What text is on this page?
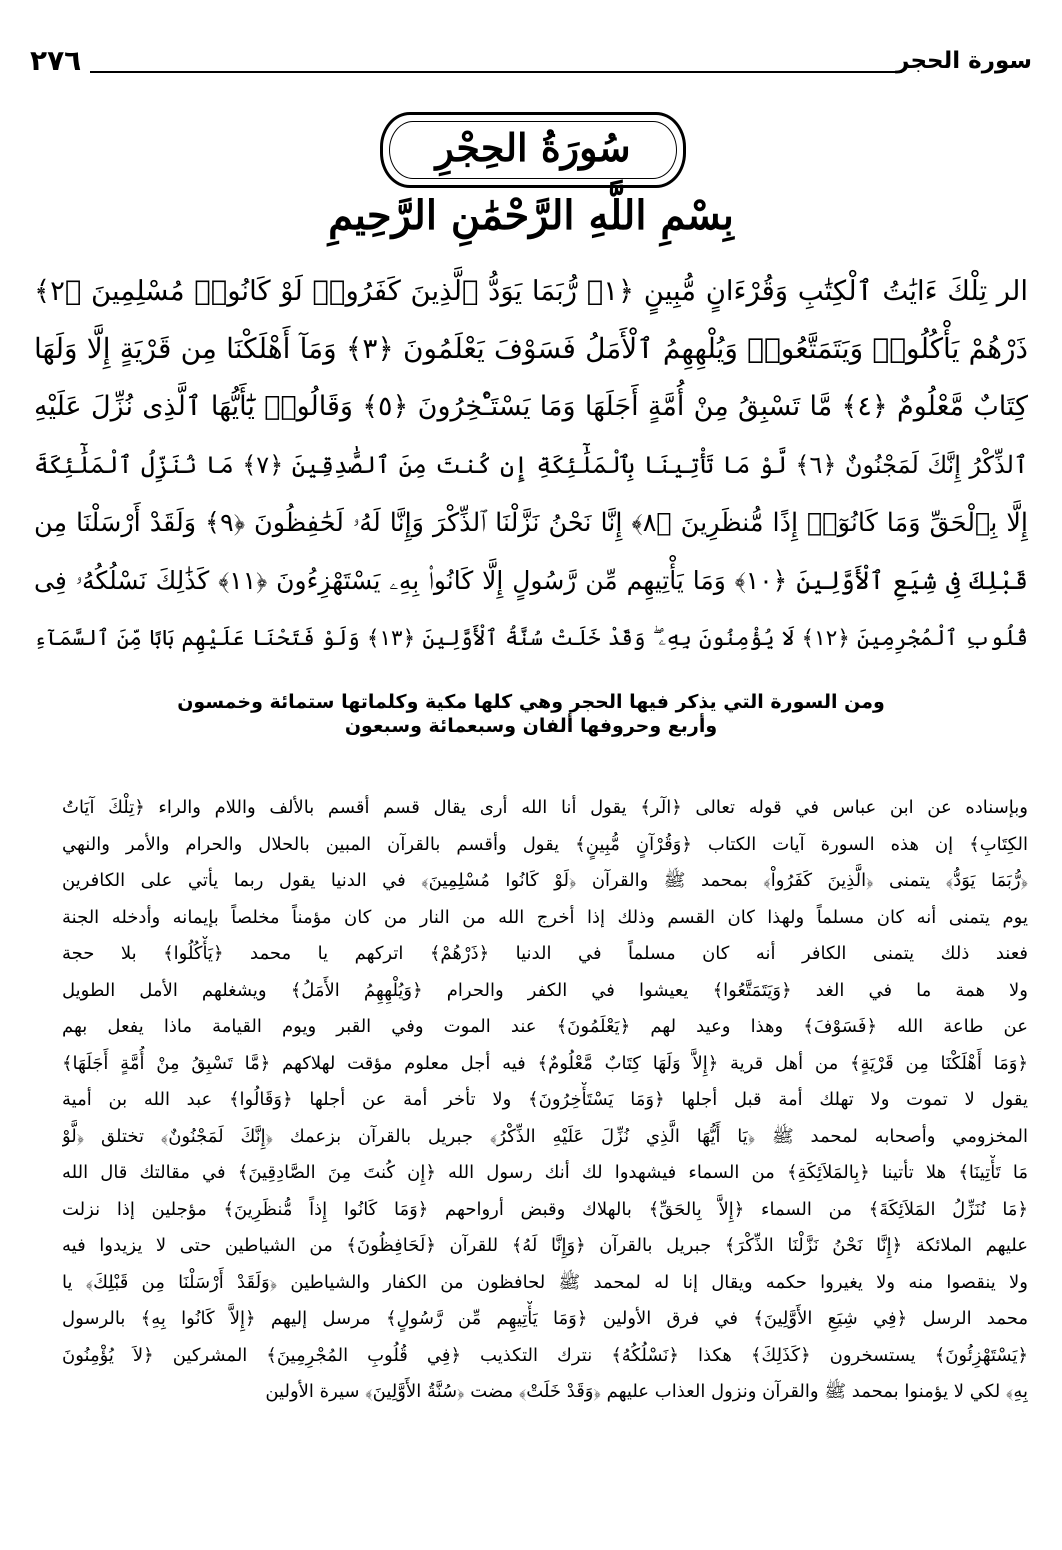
سورة الحجر
٢٧٦
سُورَةُ الحِجْرِ
بِسْمِ اللَّهِ الرَّحْمَٰنِ الرَّحِيمِ
الر تِلْكَ ءَايَٰتُ ٱلْكِتَٰبِ وَقُرْءَانٍ مُّبِينٍ ﴿١﴾ رُّبَمَا يَوَدُّ ٱلَّذِينَ كَفَرُوا۟ لَوْ كَانُوا۟ مُسْلِمِينَ ﴿٢﴾
ذَرْهُمْ يَأْكُلُوا۟ وَيَتَمَتَّعُوا۟ وَيُلْهِهِمُ ٱلْأَمَلُ فَسَوْفَ يَعْلَمُونَ ﴿٣﴾ وَمَآ أَهْلَكْنَا مِن قَرْيَةٍ إِلَّا وَلَهَا
كِتَابٌ مَّعْلُومٌ ﴿٤﴾ مَّا تَسْبِقُ مِنْ أُمَّةٍ أَجَلَهَا وَمَا يَسْتَـْٔخِرُونَ ﴿٥﴾ وَقَالُوا۟ يَٰٓأَيُّهَا ٱلَّذِى نُزِّلَ عَلَيْهِ
ٱلذِّكْرُ إِنَّكَ لَمَجْنُونٌ ﴿٦﴾ لَّوْ مَا تَأْتِينَا بِٱلْمَلَٰٓئِكَةِ إِن كُنتَ مِنَ ٱلصَّٰدِقِينَ ﴿٧﴾ مَا نُنَزِّلُ ٱلْمَلَٰٓئِكَةَ
إِلَّا بِٱلْحَقِّ وَمَا كَانُوٓا۟ إِذًا مُّنظَرِينَ ﴿٨﴾ إِنَّا نَحْنُ نَزَّلْنَا ٱلذِّكْرَ وَإِنَّا لَهُۥ لَحَٰفِظُونَ ﴿٩﴾ وَلَقَدْ أَرْسَلْنَا مِن
قَبْلِكَ فِى شِيَعِ ٱلْأَوَّلِينَ ﴿١٠﴾ وَمَا يَأْتِيهِم مِّن رَّسُولٍ إِلَّا كَانُوا۟ بِهِۦ يَسْتَهْزِءُونَ ﴿١١﴾ كَذَٰلِكَ نَسْلُكُهُۥ فِى
قُلُوبِ ٱلْمُجْرِمِينَ ﴿١٢﴾ لَا يُؤْمِنُونَ بِهِۦ ۖ وَقَدْ خَلَتْ سُنَّةُ ٱلْأَوَّلِينَ ﴿١٣﴾ وَلَوْ فَتَحْنَا عَلَيْهِم بَابًا مِّنَ ٱلسَّمَآءِ
ومن السورة التي يذكر فيها الحجر وهي كلها مكية وكلماتها ستمائة وخمسون
وأربع وحروفها ألفان وسبعمائة وسبعون
وبإسناده عن ابن عباس في قوله تعالى ﴿الٓر﴾ يقول أنا الله أرى يقال قسم أقسم بالألف واللام والراء ﴿تِلْكَ آيَاتُ
الكِتَابِ﴾ إن هذه السورة آيات الكتاب ﴿وَقُرْآنٍ مُّبِينٍ﴾ يقول وأقسم بالقرآن المبين بالحلال والحرام والأمر والنهي
﴿رُّبَمَا يَوَدُّ﴾ يتمنى ﴿الَّذِينَ كَفَرُواْ﴾ بمحمد ﷺ والقرآن ﴿لَوْ كَانُوا مُسْلِمِينَ﴾ في الدنيا يقول ربما يأتي على الكافرين
يوم يتمنى أنه كان مسلماً ولهذا كان القسم وذلك إذا أخرج الله من النار من كان مؤمناً مخلصاً بإيمانه وأدخله الجنة
فعند ذلك يتمنى الكافر أنه كان مسلماً في الدنيا ﴿ذَرْهُمْ﴾ اتركهم يا محمد ﴿يَأْكُلُوا﴾ بلا حجة
ولا همة ما في الغد ﴿وَيَتَمَتَّعُوا﴾ يعيشوا في الكفر والحرام ﴿وَيُلْهِهِمُ الأَمَلُ﴾ ويشغلهم الأمل الطويل
عن طاعة الله ﴿فَسَوْفَ﴾ وهذا وعيد لهم ﴿يَعْلَمُونَ﴾ عند الموت وفي القبر ويوم القيامة ماذا يفعل بهم
﴿وَمَا أَهْلَكْنَا مِن قَرْيَةٍ﴾ من أهل قرية ﴿إِلاَّ وَلَهَا كِتَابٌ مَّعْلُومٌ﴾ فيه أجل معلوم مؤقت لهلاكهم ﴿مَّا تَسْبِقُ مِنْ أُمَّةٍ أَجَلَهَا﴾
يقول لا تموت ولا تهلك أمة قبل أجلها ﴿وَمَا يَسْتَأْخِرُونَ﴾ ولا تأخر أمة عن أجلها ﴿وَقَالُوا﴾ عبد الله بن أمية
المخزومي وأصحابه لمحمد ﷺ ﴿يَا أَيُّهَا الَّذِي نُزِّلَ عَلَيْهِ الذِّكْرُ﴾ جبريل بالقرآن بزعمك ﴿إِنَّكَ لَمَجْنُونٌ﴾ تختلق ﴿لَّوْ
مَا تَأْتِينَا﴾ هلا تأتينا ﴿بِالمَلاَئِكَةِ﴾ من السماء فيشهدوا لك أنك رسول الله ﴿إِن كُنتَ مِنَ الصَّادِقِينَ﴾ في مقالتك قال الله
﴿مَا نُنَزِّلُ المَلاَئِكَةَ﴾ من السماء ﴿إِلاَّ بِالحَقِّ﴾ بالهلاك وقبض أرواحهم ﴿وَمَا كَانُوا إِذاً مُّنظَرِينَ﴾ مؤجلين إذا نزلت
عليهم الملائكة ﴿إِنَّا نَحْنُ نَزَّلْنَا الذِّكْرَ﴾ جبريل بالقرآن ﴿وَإِنَّا لَهُ﴾ للقرآن ﴿لَحَافِظُونَ﴾ من الشياطين حتى لا يزيدوا فيه
ولا ينقصوا منه ولا يغيروا حكمه ويقال إنا له لمحمد ﷺ لحافظون من الكفار والشياطين ﴿وَلَقَدْ أَرْسَلْنَا مِن قَبْلِكَ﴾ يا
محمد الرسل ﴿فِي شِيَعِ الأَوَّلِينَ﴾ في فرق الأولين ﴿وَمَا يَأْتِيهِم مِّن رَّسُولٍ﴾ مرسل إليهم ﴿إِلاَّ كَانُوا بِهِ﴾ بالرسول
﴿يَسْتَهْزِئُونَ﴾ يستسخرون ﴿كَذَلِكَ﴾ هكذا ﴿نَسْلُكُهُ﴾ نترك التكذيب ﴿فِي قُلُوبِ المُجْرِمِينَ﴾ المشركين ﴿لاَ يُؤْمِنُونَ
بِهِ﴾ لكي لا يؤمنوا بمحمد ﷺ والقرآن ونزول العذاب عليهم ﴿وَقَدْ خَلَتْ﴾ مضت ﴿سُنَّةُ الأَوَّلِينَ﴾ سيرة الأولين
